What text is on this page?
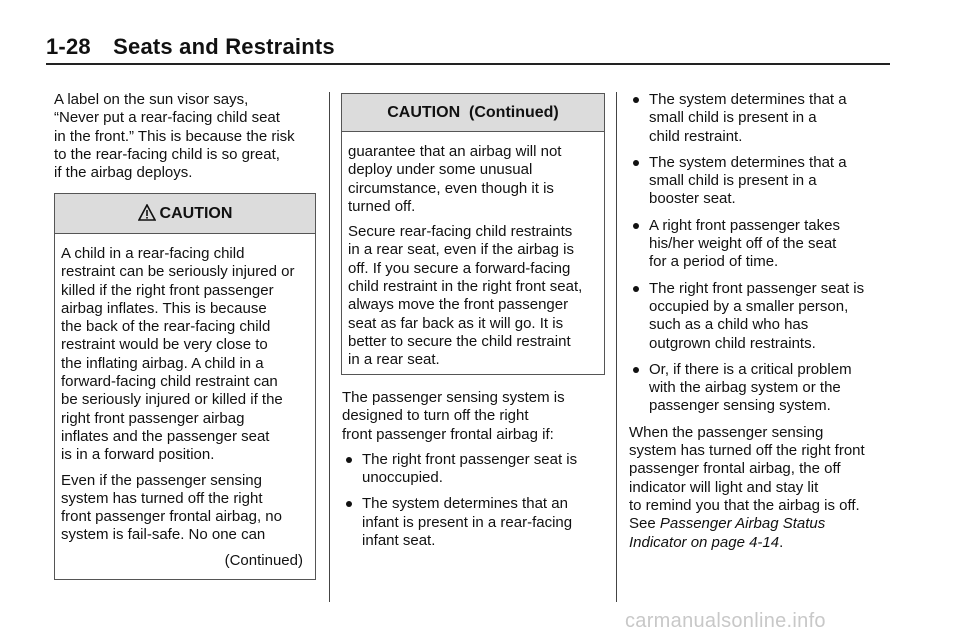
1-28 Seats and Restraints

A label on the sun visor says,
“Never put a rear-facing child seat
in the front.” This is because the risk
to the rear-facing child is so great,
if the airbag deploys.

CAUTION

A child in a rear-facing child
restraint can be seriously injured or
killed if the right front passenger
airbag inflates. This is because
the back of the rear-facing child
restraint would be very close to
the inflating airbag. A child in a
forward-facing child restraint can
be seriously injured or killed if the
right front passenger airbag
inflates and the passenger seat
is in a forward position.

Even if the passenger sensing
system has turned off the right
front passenger frontal airbag, no
system is fail-safe. No one can

(Continued)
CAUTION  (Continued)

guarantee that an airbag will not
deploy under some unusual
circumstance, even though it is
turned off.

Secure rear-facing child restraints
in a rear seat, even if the airbag is
off. If you secure a forward-facing
child restraint in the right front seat,
always move the front passenger
seat as far back as it will go. It is
better to secure the child restraint
in a rear seat.

The passenger sensing system is
designed to turn off the right
front passenger frontal airbag if:

The right front passenger seat is
unoccupied.
The system determines that an
infant is present in a rear-facing
infant seat.
The system determines that a
small child is present in a
child restraint.
The system determines that a
small child is present in a
booster seat.
A right front passenger takes
his/her weight off of the seat
for a period of time.
The right front passenger seat is
occupied by a smaller person,
such as a child who has
outgrown child restraints.
Or, if there is a critical problem
with the airbag system or the
passenger sensing system.

When the passenger sensing
system has turned off the right front
passenger frontal airbag, the off
indicator will light and stay lit
to remind you that the airbag is off.
See Passenger Airbag Status
Indicator on page 4-14.

carmanualsonline.info
